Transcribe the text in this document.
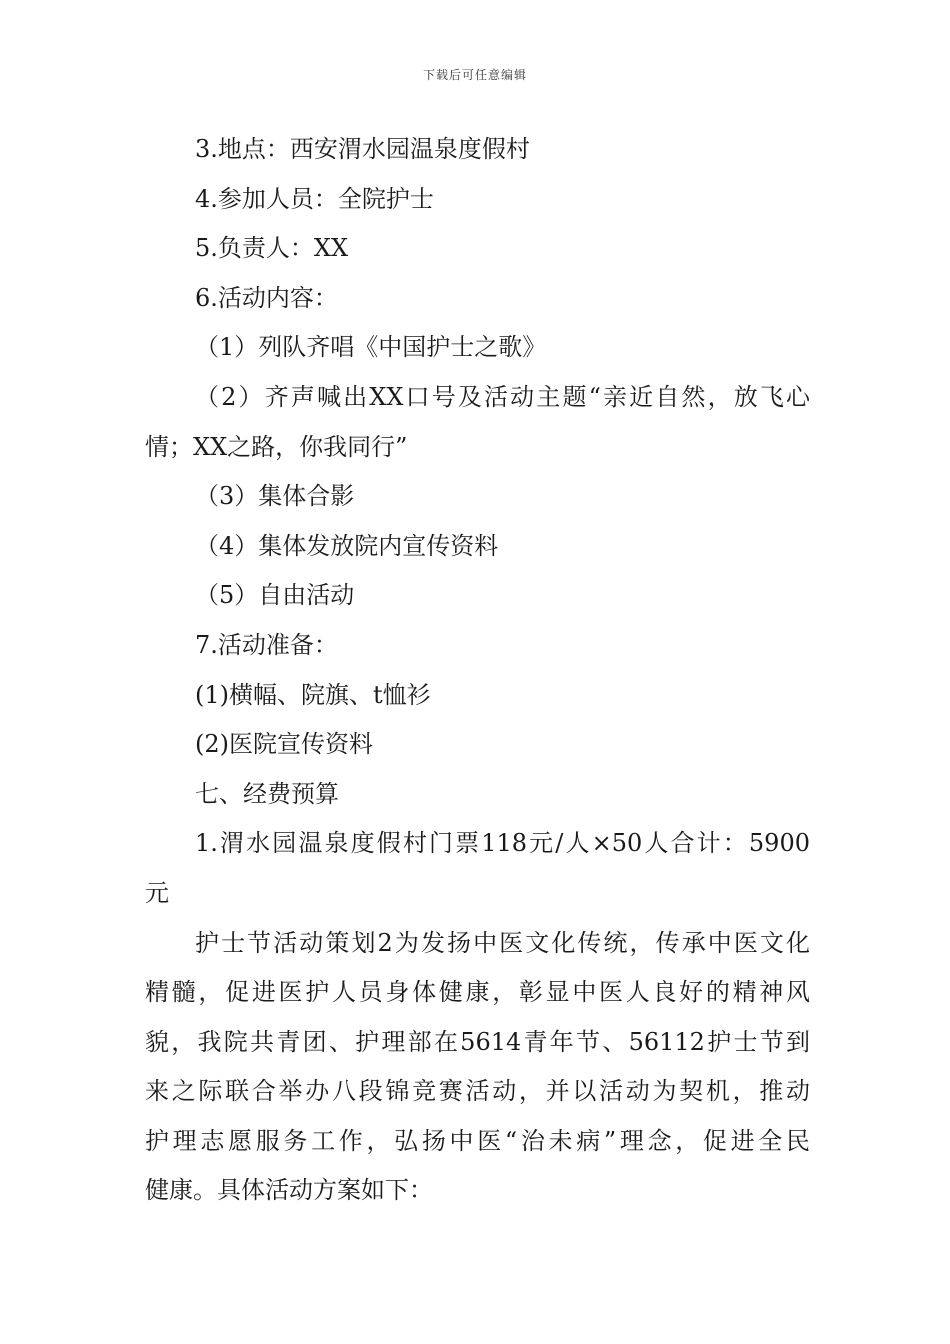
下载后可任意编辑
3.地点：西安渭水园温泉度假村
4.参加人员：全院护士
5.负责人：XX
6.活动内容：
（1）列队齐唱《中国护士之歌》
（2）齐声喊出XX口号及活动主题“亲近自然，放飞心
情；XX之路，你我同行”
（3）集体合影
（4）集体发放院内宣传资料
（5）自由活动
7.活动准备：
(1)横幅、院旗、t恤衫
(2)医院宣传资料
七、经费预算
1.渭水园温泉度假村门票118元/人×50人合计：5900
元
护士节活动策划2为发扬中医文化传统，传承中医文化
精髓，促进医护人员身体健康，彰显中医人良好的精神风
貌，我院共青团、护理部在5614青年节、56112护士节到
来之际联合举办八段锦竞赛活动，并以活动为契机，推动
护理志愿服务工作，弘扬中医“治未病”理念，促进全民
健康。具体活动方案如下：
